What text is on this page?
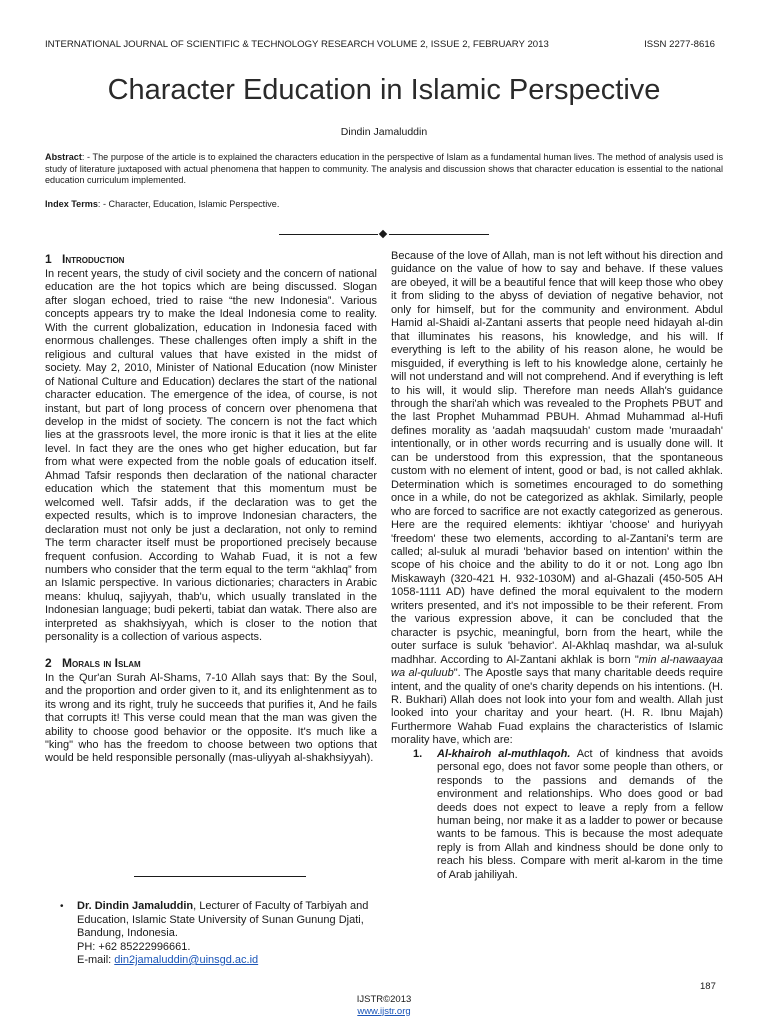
INTERNATIONAL JOURNAL OF SCIENTIFIC & TECHNOLOGY RESEARCH VOLUME 2, ISSUE 2, FEBRUARY 2013	ISSN 2277-8616
Character Education in Islamic Perspective
Dindin Jamaluddin
Abstract: - The purpose of the article is to explained the characters education in the perspective of Islam as a fundamental human lives. The method of analysis used is study of literature juxtaposed with actual phenomena that happen to community. The analysis and discussion shows that character education is essential to the national education curriculum implemented.
Index Terms: - Character, Education, Islamic Perspective.
1 Introduction

In recent years, the study of civil society and the concern of national education are the hot topics which are being discussed. Slogan after slogan echoed, tried to raise “the new Indonesia”. Various concepts appears try to make the Ideal Indonesia come to reality. With the current globalization, education in Indonesia faced with enormous challenges. These challenges often imply a shift in the religious and cultural values that have existed in the midst of society. May 2, 2010, Minister of National Education (now Minister of National Culture and Education) declares the start of the national character education. The emergence of the idea, of course, is not instant, but part of long process of concern over phenomena that develop in the midst of society. The concern is not the fact which lies at the grassroots level, the more ironic is that it lies at the elite level. In fact they are the ones who get higher education, but far from what were expected from the noble goals of education itself. Ahmad Tafsir responds then declaration of the national character education which the statement that this momentum must be welcomed well. Tafsir adds, if the declaration was to get the expected results, which is to improve Indonesian characters, the declaration must not only be just a declaration, not only to remind The term character itself must be proportioned precisely because frequent confusion. According to Wahab Fuad, it is not a few numbers who consider that the term equal to the term “akhlaq” from an Islamic perspective. In various dictionaries; characters in Arabic means: khuluq, sajiyyah, thab'u, which usually translated in the Indonesian language; budi pekerti, tabiat dan watak. There also are interpreted as shakhsiyyah, which is closer to the notion that personality is a collection of various aspects.

2 Morals in Islam

In the Qur'an Surah Al-Shams, 7-10 Allah says that: By the Soul, and the proportion and order given to it, and its enlightenment as to its wrong and its right, truly he succeeds that purifies it, And he fails that corrupts it! This verse could mean that the man was given the ability to choose good behavior or the opposite. It's much like a "king" who has the freedom to choose between two options that would be held responsible personally (mas-uliyyah al-shakhsiyyah).

Because of the love of Allah, man is not left without his direction and guidance on the value of how to say and behave. If these values are obeyed, it will be a beautiful fence that will keep those who obey it from sliding to the abyss of deviation of negative behavior, not only for himself, but for the community and environment. Abdul Hamid al-Shaidi al-Zantani asserts that people need hidayah al-din that illuminates his reasons, his knowledge, and his will. If everything is left to the ability of his reason alone, he would be misguided, if everything is left to his knowledge alone, certainly he will not understand and will not comprehend. And if everything is left to his will, it would slip. Therefore man needs Allah's guidance through the shari'ah which was revealed to the Prophets PBUT and the last Prophet Muhammad PBUH. Ahmad Muhammad al-Hufi defines morality as 'aadah maqsuudah' custom made 'muraadah' intentionally, or in other words recurring and is usually done will. It can be understood from this expression, that the spontaneous custom with no element of intent, good or bad, is not called akhlak. Determination which is sometimes encouraged to do something once in a while, do not be categorized as akhlak. Similarly, people who are forced to sacrifice are not exactly categorized as generous. Here are the required elements: ikhtiyar 'choose' and huriyyah 'freedom' these two elements, according to al-Zantani's term are called; al-suluk al muradi 'behavior based on intention' within the scope of his choice and the ability to do it or not. Long ago Ibn Miskawayh (320-421 H. 932-1030M) and al-Ghazali (450-505 AH 1058-1111 AD) have defined the moral equivalent to the modern writers presented, and it's not impossible to be their referent. From the various expression above, it can be concluded that the character is psychic, meaningful, born from the heart, while the outer surface is suluk 'behavior'. Al-Akhlaq mashdar, wa al-suluk madhhar. According to Al-Zantani akhlak is born "min al-nawaayaa wa al-quluub". The Apostle says that many charitable deeds require intent, and the quality of one's charity depends on his intentions. (H. R. Bukhari) Allah does not look into your fom and wealth. Allah just looked into your charitay and your heart. (H. R. Ibnu Majah) Furthermore Wahab Fuad explains the characteristics of Islamic morality have, which are:

1. Al-khairoh al-muthlaqoh. Act of kindness that avoids personal ego, does not favor some people than others, or responds to the passions and demands of the environment and relationships. Who does good or bad deeds does not expect to leave a reply from a fellow human being, nor make it as a ladder to power or because wants to be famous. This is because the most adequate reply is from Allah and kindness should be done only to reach his bless. Compare with merit al-karom in the time of Arab jahiliyah.

• Dr. Dindin Jamaluddin, Lecturer of Faculty of Tarbiyah and Education, Islamic State University of Sunan Gunung Djati, Bandung, Indonesia.
PH: +62 85222996661.
E-mail: din2jamaluddin@uinsgd.ac.id
187
IJSTR©2013
www.ijstr.org
